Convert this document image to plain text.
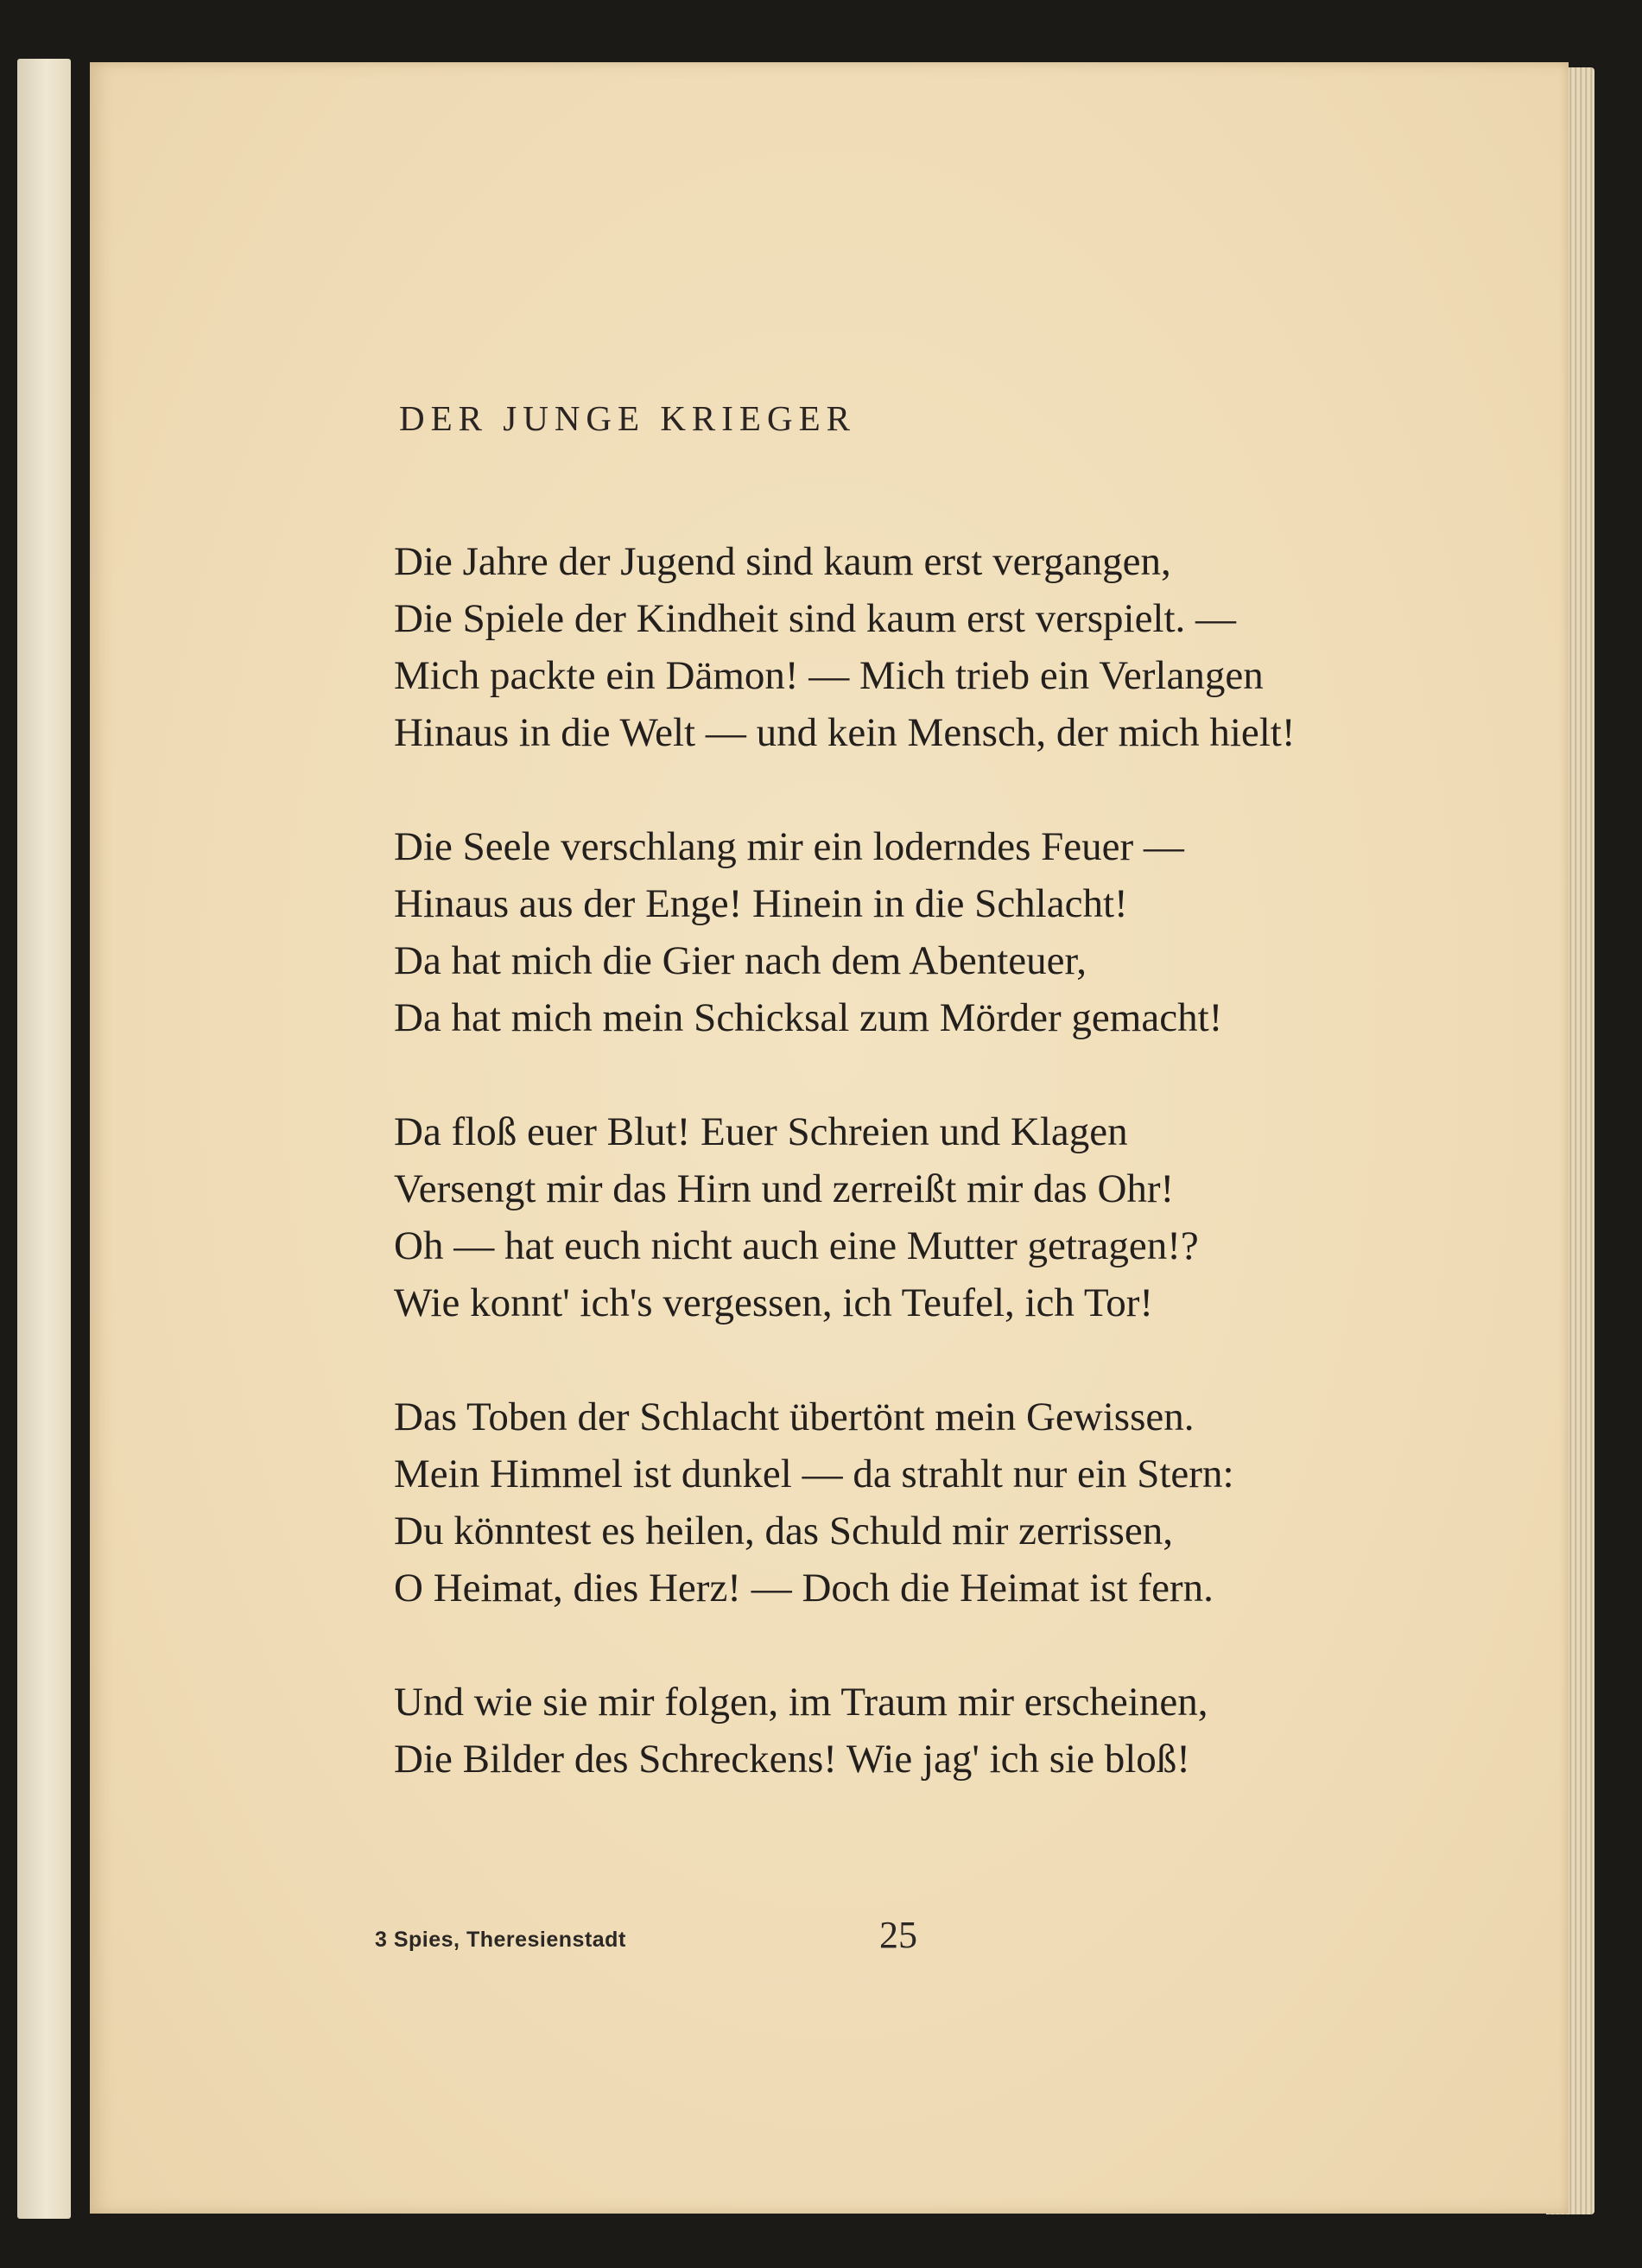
DER JUNGE KRIEGER
Die Jahre der Jugend sind kaum erst vergangen,
Die Spiele der Kindheit sind kaum erst verspielt. —
Mich packte ein Dämon! — Mich trieb ein Verlangen
Hinaus in die Welt — und kein Mensch, der mich hielt!
Die Seele verschlang mir ein loderndes Feuer —
Hinaus aus der Enge! Hinein in die Schlacht!
Da hat mich die Gier nach dem Abenteuer,
Da hat mich mein Schicksal zum Mörder gemacht!
Da floß euer Blut! Euer Schreien und Klagen
Versengt mir das Hirn und zerreißt mir das Ohr!
Oh — hat euch nicht auch eine Mutter getragen!?
Wie konnt' ich's vergessen, ich Teufel, ich Tor!
Das Toben der Schlacht übertönt mein Gewissen.
Mein Himmel ist dunkel — da strahlt nur ein Stern:
Du könntest es heilen, das Schuld mir zerrissen,
O Heimat, dies Herz! — Doch die Heimat ist fern.
Und wie sie mir folgen, im Traum mir erscheinen,
Die Bilder des Schreckens! Wie jag' ich sie bloß!
3 Spies, Theresienstadt	25
